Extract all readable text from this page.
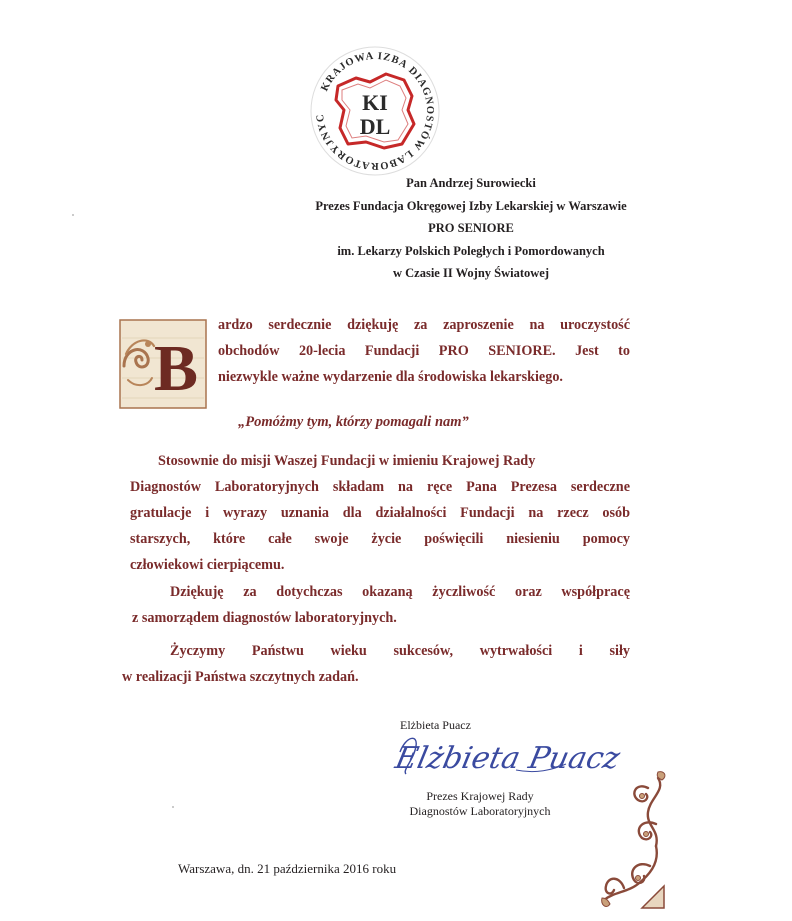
KRAJOWA IZBA DIAGNOSTÓW LABORATORYJNYC
KI
DL
Pan Andrzej Surowiecki
Prezes Fundacja Okręgowej Izby Lekarskiej w Warszawie
PRO SENIORE
im. Lekarzy Polskich Poległych i Pomordowanych
w Czasie II Wojny Światowej
B
ardzo serdecznie dziękuję za zaproszenie na uroczystość
obchodów 20-lecia Fundacji PRO SENIORE. Jest to
niezwykle ważne wydarzenie dla środowiska lekarskiego.
„Pomóżmy tym, którzy pomagali nam”
Stosownie do misji Waszej Fundacji w imieniu Krajowej Rady
Diagnostów Laboratoryjnych składam na ręce Pana Prezesa serdeczne
gratulacje i wyrazy uznania dla działalności Fundacji na rzecz osób
starszych, które całe swoje życie poświęcili niesieniu pomocy
człowiekowi cierpiącemu.
Dziękuję za dotychczas okazaną życzliwość oraz współpracę
z samorządem diagnostów laboratoryjnych.
Życzymy Państwu wieku sukcesów, wytrwałości i siły
w realizacji Państwa szczytnych zadań.
Elżbieta Puacz
Elżbieta Puacz
Prezes Krajowej Rady
Diagnostów Laboratoryjnych
Warszawa, dn. 21 października 2016 roku
